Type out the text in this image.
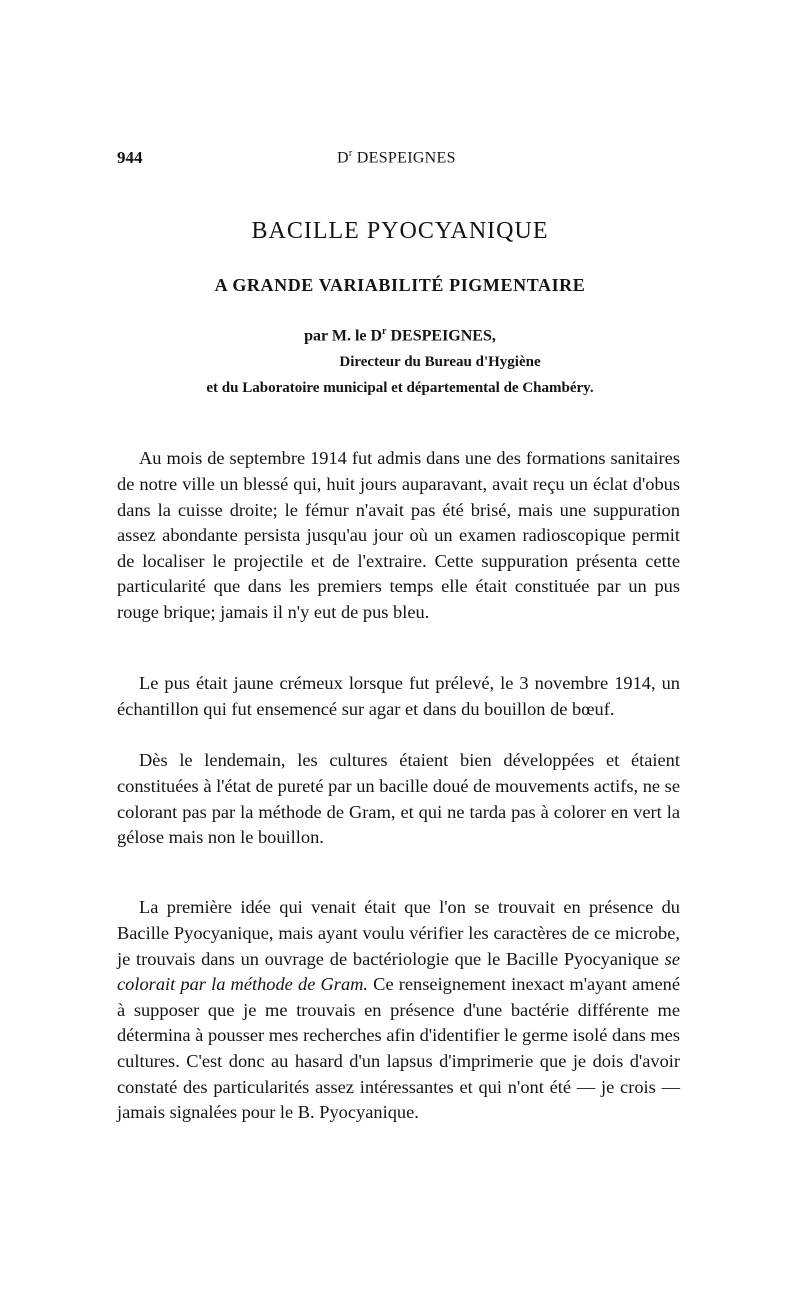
944	$D^r$ DESPEIGNES
BACILLE PYOCYANIQUE
A GRANDE VARIABILITÉ PIGMENTAIRE
par M. le $D^r$ DESPEIGNES,
Directeur du Bureau d'Hygiène
et du Laboratoire municipal et départemental de Chambéry.

Au mois de septembre 1914 fut admis dans une des formations sanitaires de notre ville un blessé qui, huit jours auparavant, avait reçu un éclat d'obus dans la cuisse droite; le fémur n'avait pas été brisé, mais une suppuration assez abondante persista jusqu'au jour où un examen radioscopique permit de localiser le projectile et de l'extraire. Cette suppuration présenta cette particularité que dans les premiers temps elle était constituée par un pus rouge brique; jamais il n'y eut de pus bleu.

Le pus était jaune crémeux lorsque fut prélevé, le 3 novembre 1914, un échantillon qui fut ensemencé sur agar et dans du bouillon de bœuf.

Dès le lendemain, les cultures étaient bien développées et étaient constituées à l'état de pureté par un bacille doué de mouvements actifs, ne se colorant pas par la méthode de Gram, et qui ne tarda pas à colorer en vert la gélose mais non le bouillon.

La première idée qui venait était que l'on se trouvait en présence du Bacille Pyocyanique, mais ayant voulu vérifier les caractères de ce microbe, je trouvais dans un ouvrage de bactériologie que le Bacille Pyocyanique se colorait par la méthode de Gram. Ce renseignement inexact m'ayant amené à supposer que je me trouvais en présence d'une bactérie différente me détermina à pousser mes recherches afin d'identifier le germe isolé dans mes cultures. C'est donc au hasard d'un lapsus d'imprimerie que je dois d'avoir constaté des particularités assez intéressantes et qui n'ont été — je crois — jamais signalées pour le B. Pyocyanique.
